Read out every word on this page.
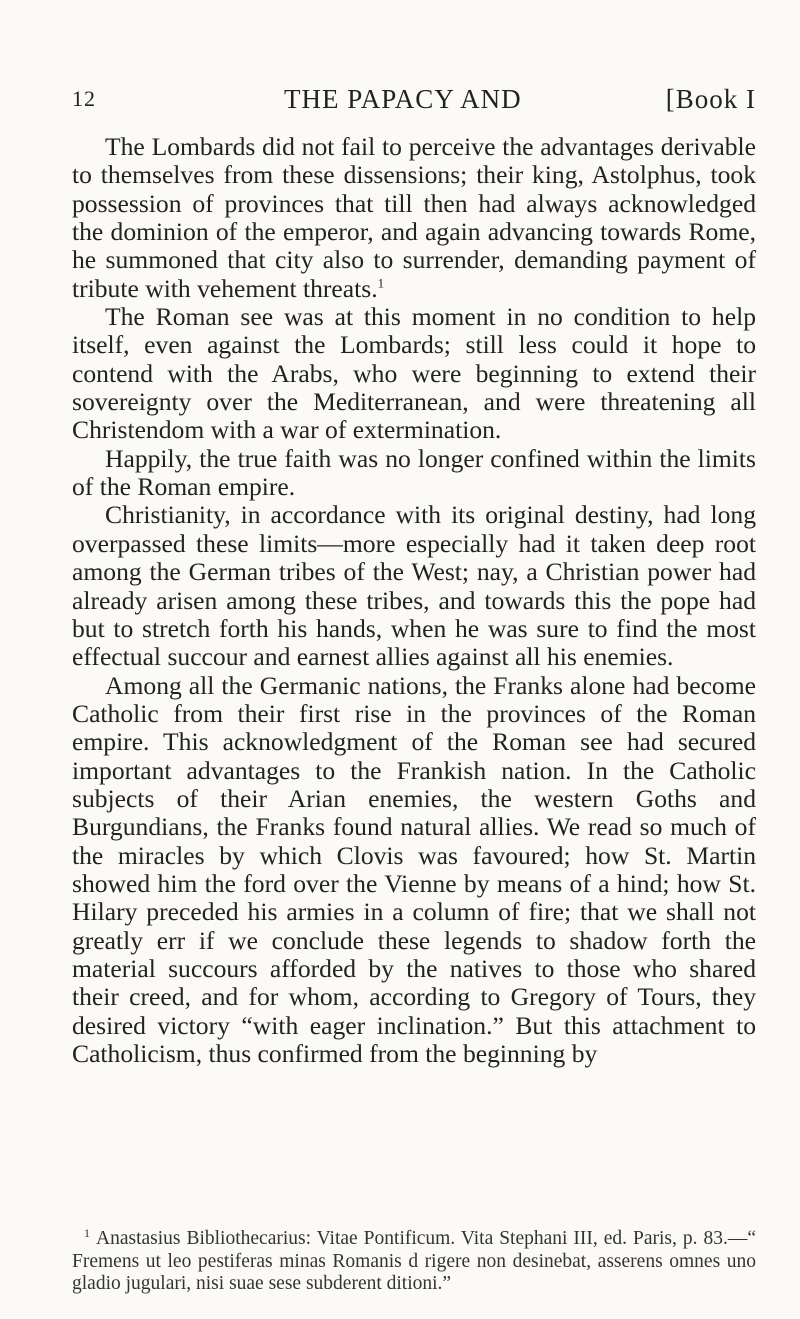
12	THE PAPACY AND	[Book I

The Lombards did not fail to perceive the advantages derivable to themselves from these dissensions; their king, Astolphus, took possession of provinces that till then had always acknowledged the dominion of the emperor, and again advancing towards Rome, he summoned that city also to surrender, demanding payment of tribute with vehement threats.$^1$

The Roman see was at this moment in no condition to help itself, even against the Lombards; still less could it hope to contend with the Arabs, who were beginning to extend their sovereignty over the Mediterranean, and were threatening all Christendom with a war of extermination.

Happily, the true faith was no longer confined within the limits of the Roman empire.

Christianity, in accordance with its original destiny, had long overpassed these limits—more especially had it taken deep root among the German tribes of the West; nay, a Christian power had already arisen among these tribes, and towards this the pope had but to stretch forth his hands, when he was sure to find the most effectual succour and earnest allies against all his enemies.

Among all the Germanic nations, the Franks alone had become Catholic from their first rise in the provinces of the Roman empire. This acknowledgment of the Roman see had secured important advantages to the Frankish nation. In the Catholic subjects of their Arian enemies, the western Goths and Burgundians, the Franks found natural allies. We read so much of the miracles by which Clovis was favoured; how St. Martin showed him the ford over the Vienne by means of a hind; how St. Hilary preceded his armies in a column of fire; that we shall not greatly err if we conclude these legends to shadow forth the material succours afforded by the natives to those who shared their creed, and for whom, according to Gregory of Tours, they desired victory “with eager inclination.” But this attachment to Catholicism, thus confirmed from the beginning by

$^1$ Anastasius Bibliothecarius: Vitae Pontificum. Vita Stephani III, ed. Paris, p. 83.—“ Fremens ut leo pestiferas minas Romanis d rigere non desinebat, asserens omnes uno gladio jugulari, nisi suae sese subderent ditioni.”
